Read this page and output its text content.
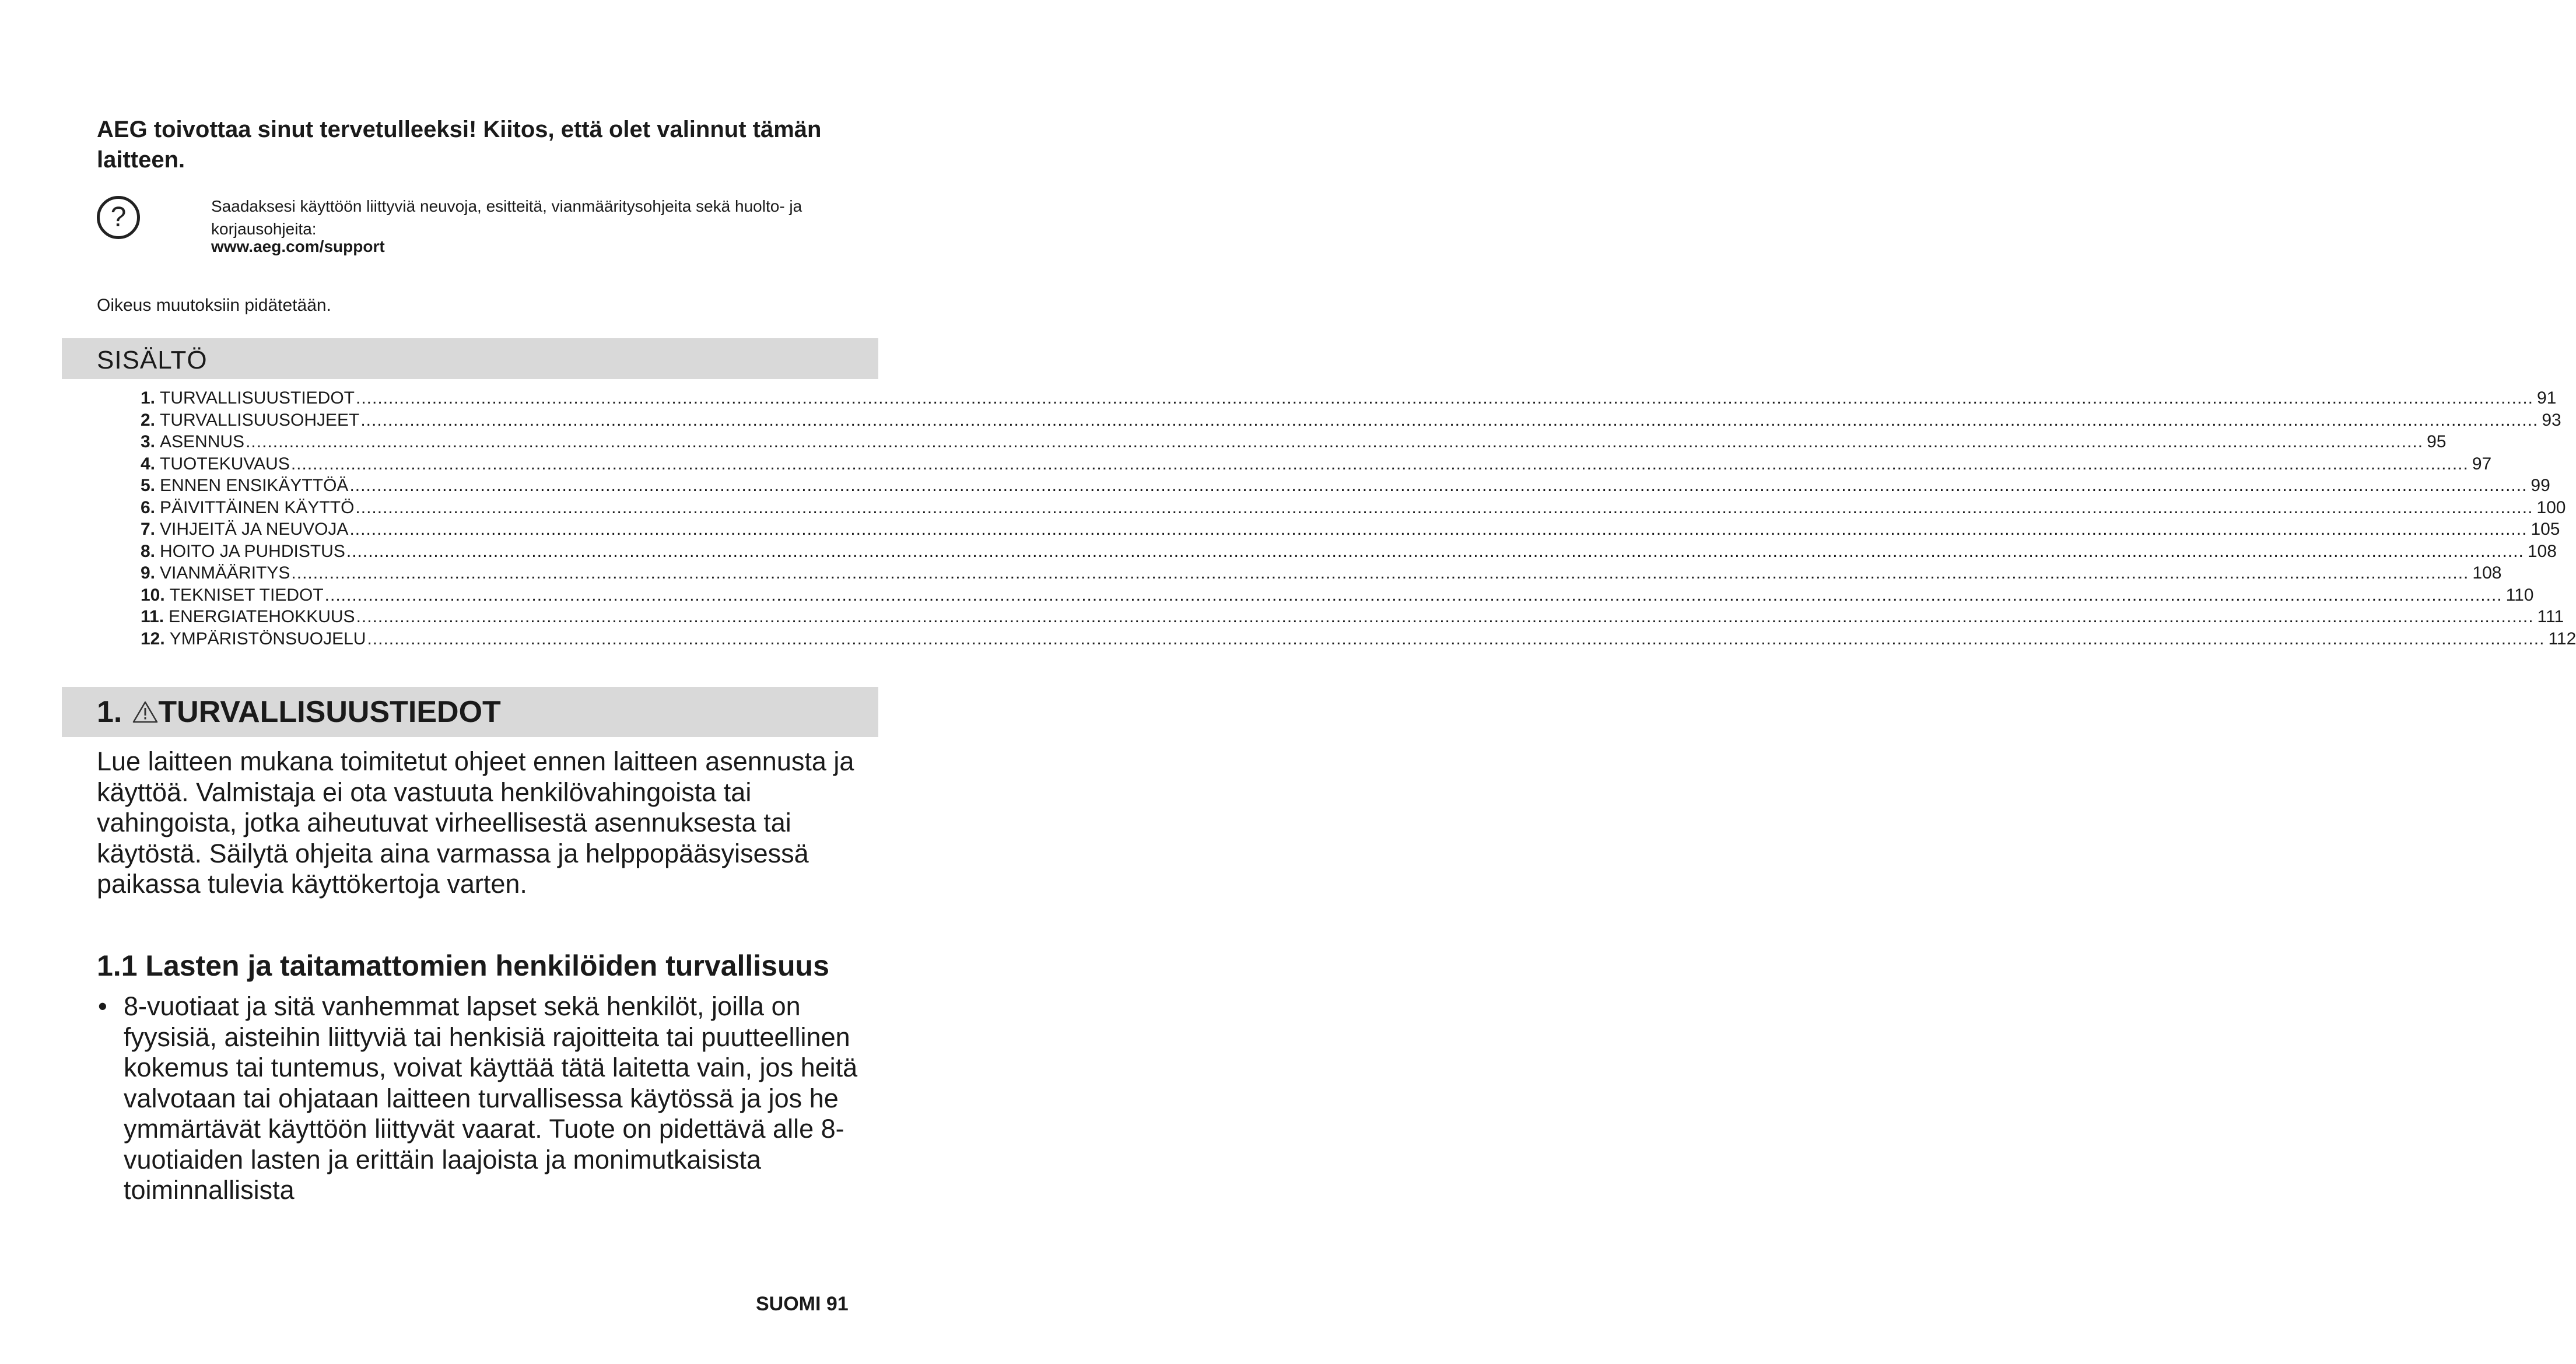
AEG toivottaa sinut tervetulleeksi! Kiitos, että olet valinnut tämän laitteen.
?	Saadaksesi käyttöön liittyviä neuvoja, esitteitä, vianmääritysohjeita sekä huolto- ja korjausohjeita:

www.aeg.com/support

Oikeus muutoksiin pidätetään.

SISÄLTÖ
1. TURVALLISUUSTIEDOT ................................................................................................................................................................................................................................................................................................................................................................................................................ 91
2. TURVALLISUUSOHJEET ................................................................................................................................................................................................................................................................................................................................................................................................................ 93
3. ASENNUS ................................................................................................................................................................................................................................................................................................................................................................................................................ 95
4. TUOTEKUVAUS ................................................................................................................................................................................................................................................................................................................................................................................................................ 97
5. ENNEN ENSIKÄYTTÖÄ ................................................................................................................................................................................................................................................................................................................................................................................................................ 99
6. PÄIVITTÄINEN KÄYTTÖ ................................................................................................................................................................................................................................................................................................................................................................................................................ 100
7. VIHJEITÄ JA NEUVOJA ................................................................................................................................................................................................................................................................................................................................................................................................................ 105
8. HOITO JA PUHDISTUS ................................................................................................................................................................................................................................................................................................................................................................................................................ 108
9. VIANMÄÄRITYS ................................................................................................................................................................................................................................................................................................................................................................................................................ 108
10. TEKNISET TIEDOT ................................................................................................................................................................................................................................................................................................................................................................................................................ 110
11. ENERGIATEHOKKUUS ................................................................................................................................................................................................................................................................................................................................................................................................................ 111
12. YMPÄRISTÖNSUOJELU ................................................................................................................................................................................................................................................................................................................................................................................................................ 112
1. TURVALLISUUSTIEDOT

Lue laitteen mukana toimitetut ohjeet ennen laitteen asennusta ja käyttöä. Valmistaja ei ota vastuuta henkilövahingoista tai vahingoista, jotka aiheutuvat virheellisestä asennuksesta tai käytöstä. Säilytä ohjeita aina varmassa ja helppopääsyisessä paikassa tulevia käyttökertoja varten.

1.1 Lasten ja taitamattomien henkilöiden turvallisuus
• 8-vuotiaat ja sitä vanhemmat lapset sekä henkilöt, joilla on fyysisiä, aisteihin liittyviä tai henkisiä rajoitteita tai puutteellinen kokemus tai tuntemus, voivat käyttää tätä laitetta vain, jos heitä valvotaan tai ohjataan laitteen turvallisessa käytössä ja jos he ymmärtävät käyttöön liittyvät vaarat. Tuote on pidettävä alle 8-vuotiaiden lasten ja erittäin laajoista ja monimutkaisista toiminnallisista

SUOMI 91
